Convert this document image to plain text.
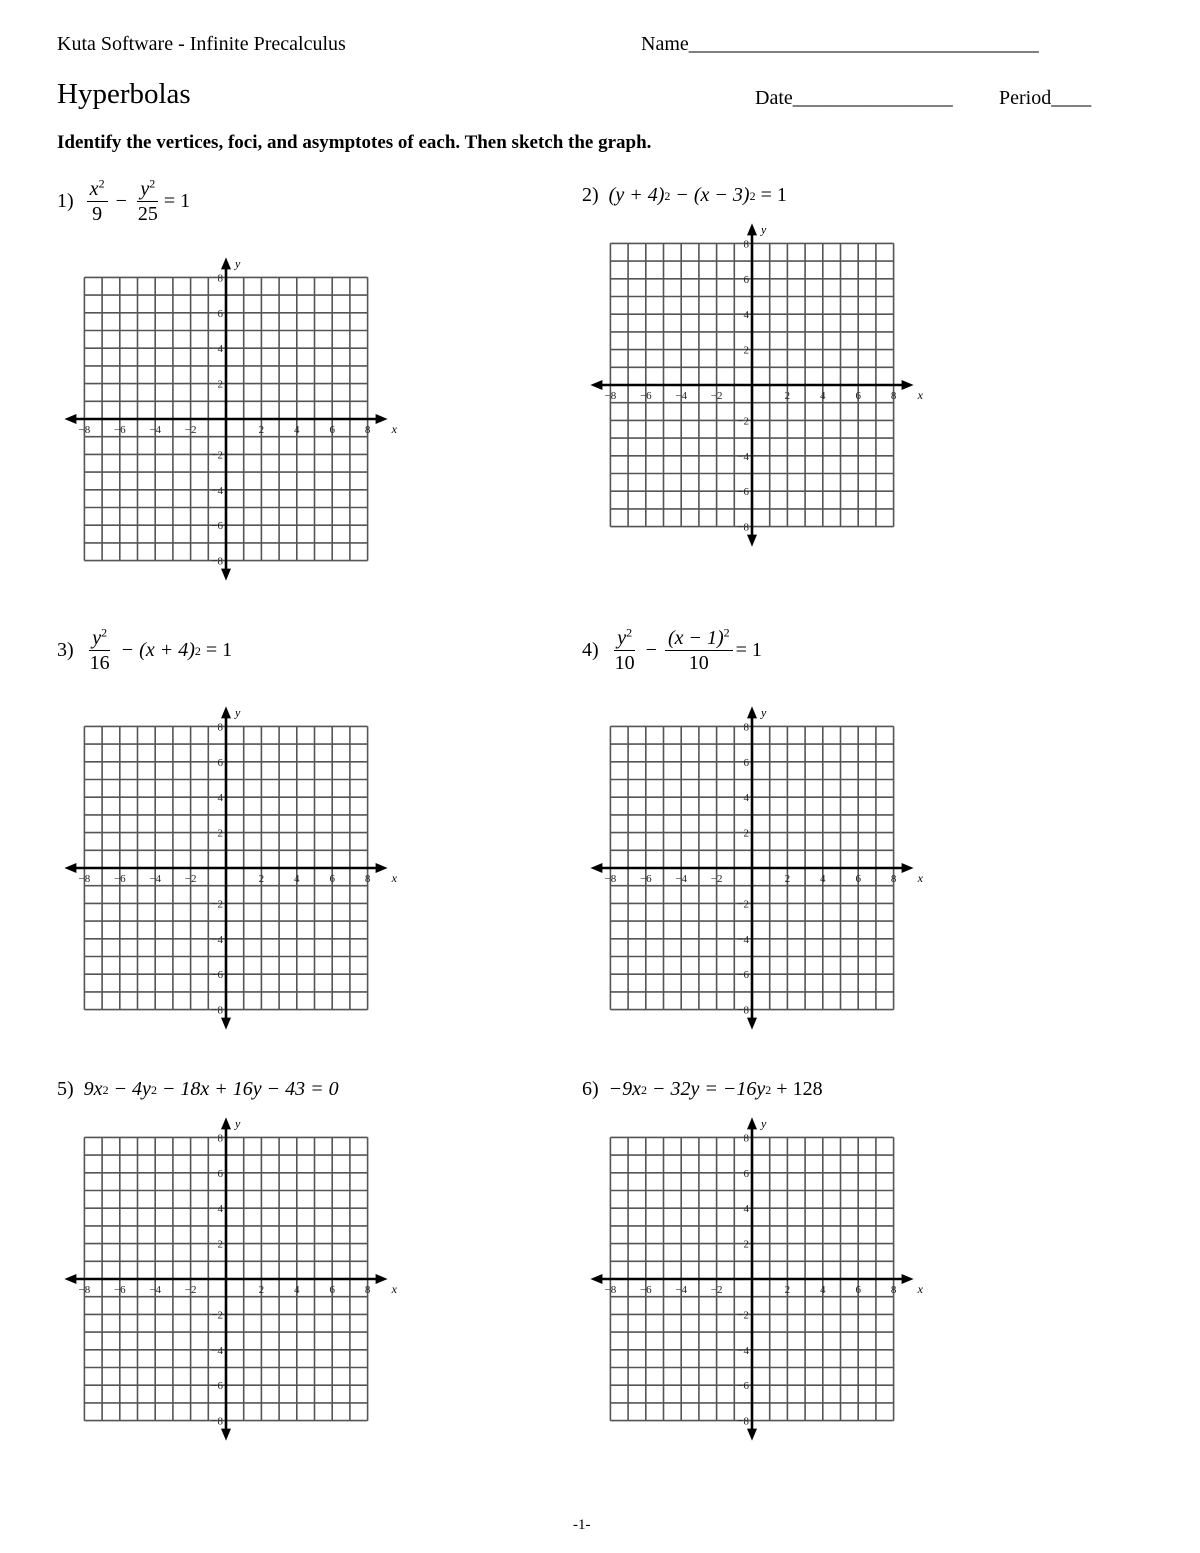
Kuta Software - Infinite Precalculus	Name___________________________________
Hyperbolas	Date________________ Period____
Identify the vertices, foci, and asymptotes of each. Then sketch the graph.
$1) \frac{x^2}{9} - \frac{y^2}{25} = 1$	2) (y + 4) 2
− (x − 3) 2
= 1
$3) \frac{y^2}{16}$
− (x + 4) 2
= 1	$4) \frac{y^2}{10} - \frac{(x - 1)^2}{10} = 1$
5) 9x 2
− 4y 2
− 18x + 16y − 43 = 0	6) −9x 2
− 32y = −16y 2
+ 128
x
y
−8 −6 −4 −2	2	4	6	8
8
6
4
2
−2
−4
−6
−8
x
y
−8 −6 −4 −2	2	4	6	8
8
6
4
2
−2
−4
−6
−8
x
y
−8 −6 −4 −2	2	4	6	8
8
6
4
2
−2
−4
−6
−8
x
y
−8 −6 −4 −2	2	4	6	8
8
6
4
2
−2
−4
−6
−8
x
y
−8 −6 −4 −2	2	4	6	8
8
6
4
2
−2
−4
−6
−8
x
y
−8 −6 −4 −2	2	4	6	8
8
6
4
2
−2
−4
−6
−8
-1-
